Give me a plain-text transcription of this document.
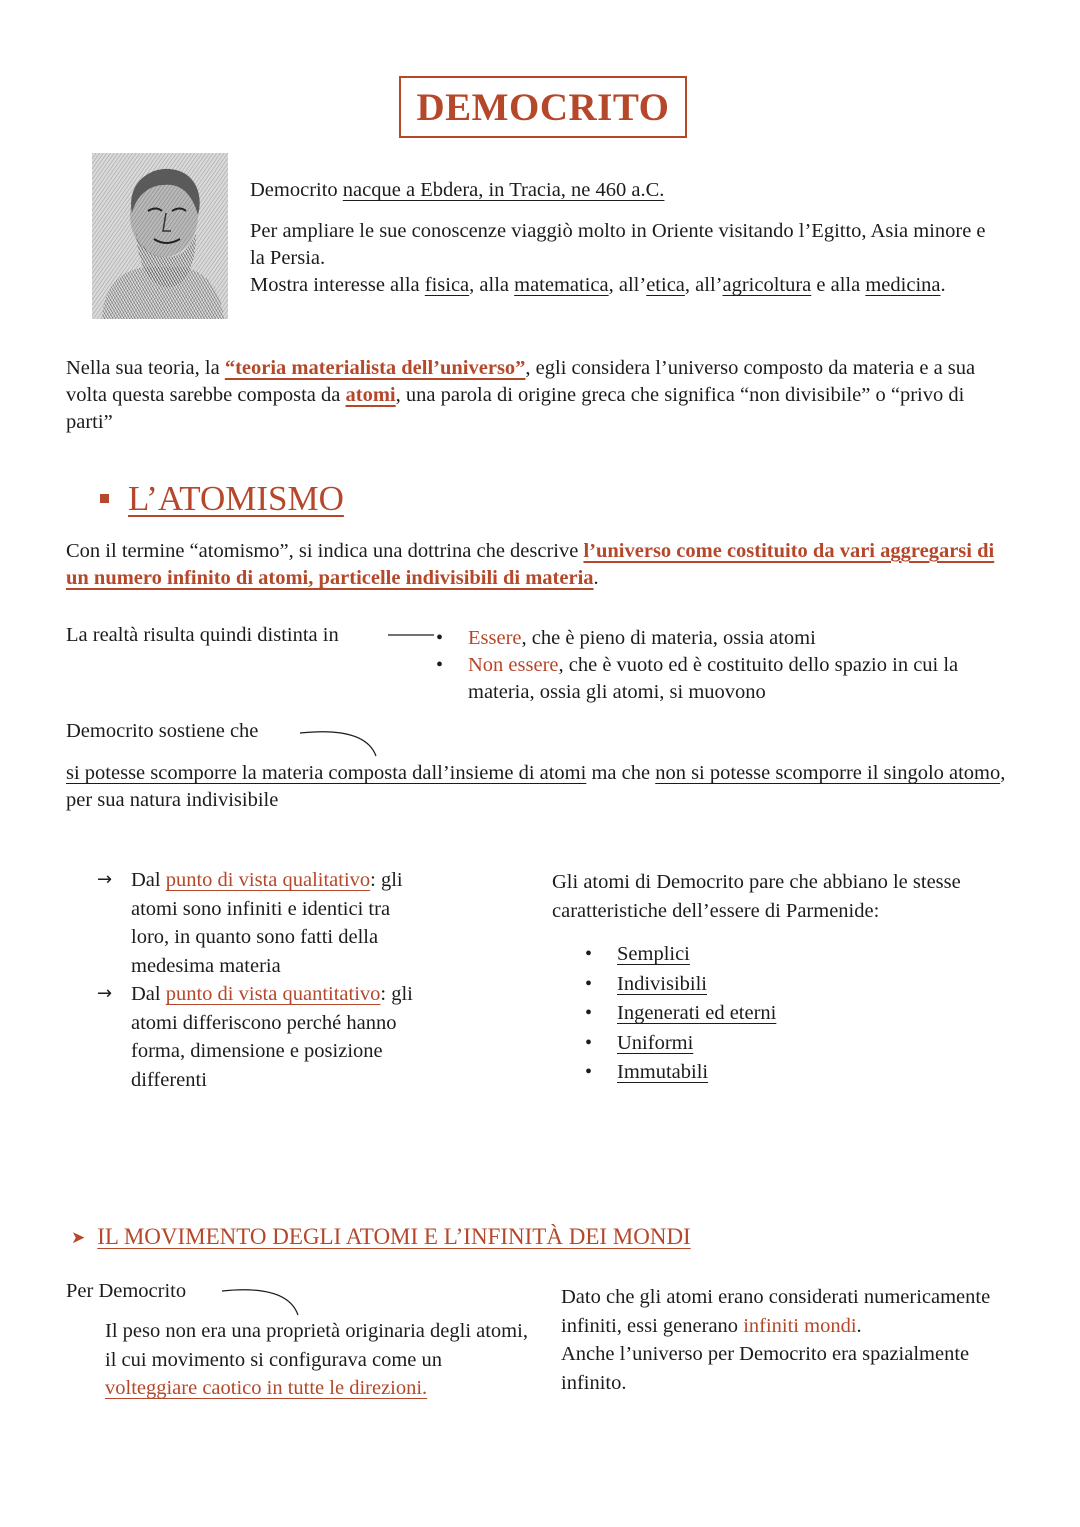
DEMOCRITO
Democrito nacque a Ebdera, in Tracia, ne 460 a.C.
Per ampliare le sue conoscenze viaggiò molto in Oriente visitando l’Egitto, Asia minore e la Persia.
Mostra interesse alla fisica, alla matematica, all’etica, all’agricoltura e alla medicina.
Nella sua teoria, la “teoria materialista dell’universo”, egli considera l’universo composto da materia e a sua volta questa sarebbe composta da atomi, una parola di origine greca che significa “non divisibile” o “privo di parti”
L’ATOMISMO
Con il termine “atomismo”, si indica una dottrina che descrive l’universo come costituito da vari aggregarsi di un numero infinito di atomi, particelle indivisibili di materia.
La realtà risulta quindi distinta in
•	Essere, che è pieno di materia, ossia atomi
• Non essere, che è vuoto ed è costituito dello spazio in cui la materia, ossia gli atomi, si muovono
Democrito sostiene che
si potesse scomporre la materia composta dall’insieme di atomi ma che non si potesse scomporre il singolo atomo, per sua natura indivisibile
→ Dal punto di vista qualitativo: gli atomi sono infiniti e identici tra loro, in quanto sono fatti della medesima materia
→ Dal punto di vista quantitativo: gli atomi differiscono perché hanno forma, dimensione e posizione differenti
Gli atomi di Democrito pare che abbiano le stesse caratteristiche dell’essere di Parmenide:
• Semplici
• Indivisibili
• Ingenerati ed eterni
• Uniformi
• Immutabili
➤ IL MOVIMENTO DEGLI ATOMI E L’INFINITÀ DEI MONDI
Per Democrito
Il peso non era una proprietà originaria degli atomi, il cui movimento si configurava come un volteggiare caotico in tutte le direzioni.
Dato che gli atomi erano considerati numericamente infiniti, essi generano infiniti mondi.
Anche l’universo per Democrito era spazialmente infinito.
